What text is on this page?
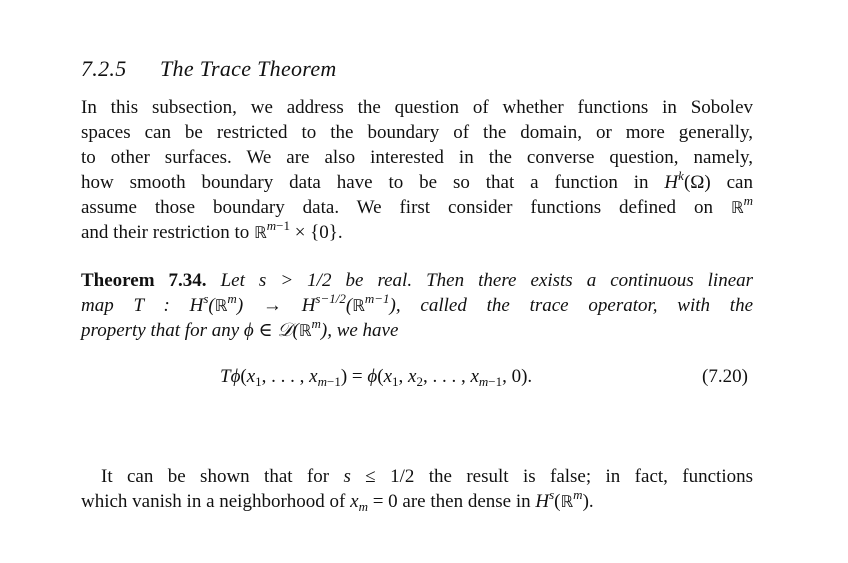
7.2.5 The Trace Theorem
In this subsection, we address the question of whether functions in Sobolev
spaces can be restricted to the boundary of the domain, or more generally,
to other surfaces. We are also interested in the converse question, namely,
how smooth boundary data have to be so that a function in $H^k(\Omega)$ can
assume those boundary data. We first consider functions defined on ℝ$^m$
and their restriction to ℝ$^{m-1}$ × {0}.
Theorem 7.34. Let s > 1/2 be real. Then there exists a continuous linear
map T : $H^s(ℝ^m)$ → $H^{s-1/2}(ℝ^{m-1})$, called the trace operator, with the
property that for any ϕ ∈ 𝒟(ℝ$^m$), we have
$T\phi(x_1$, . . . , $x_{m-1}) = \phi(x_1$, $x_2$, . . . , $x_{m-1}$, 0).	(7.20)
It can be shown that for s ≤ 1/2 the result is false; in fact, functions
which vanish in a neighborhood of $x_m = 0$ are then dense in $H^s(ℝ^m)$.
